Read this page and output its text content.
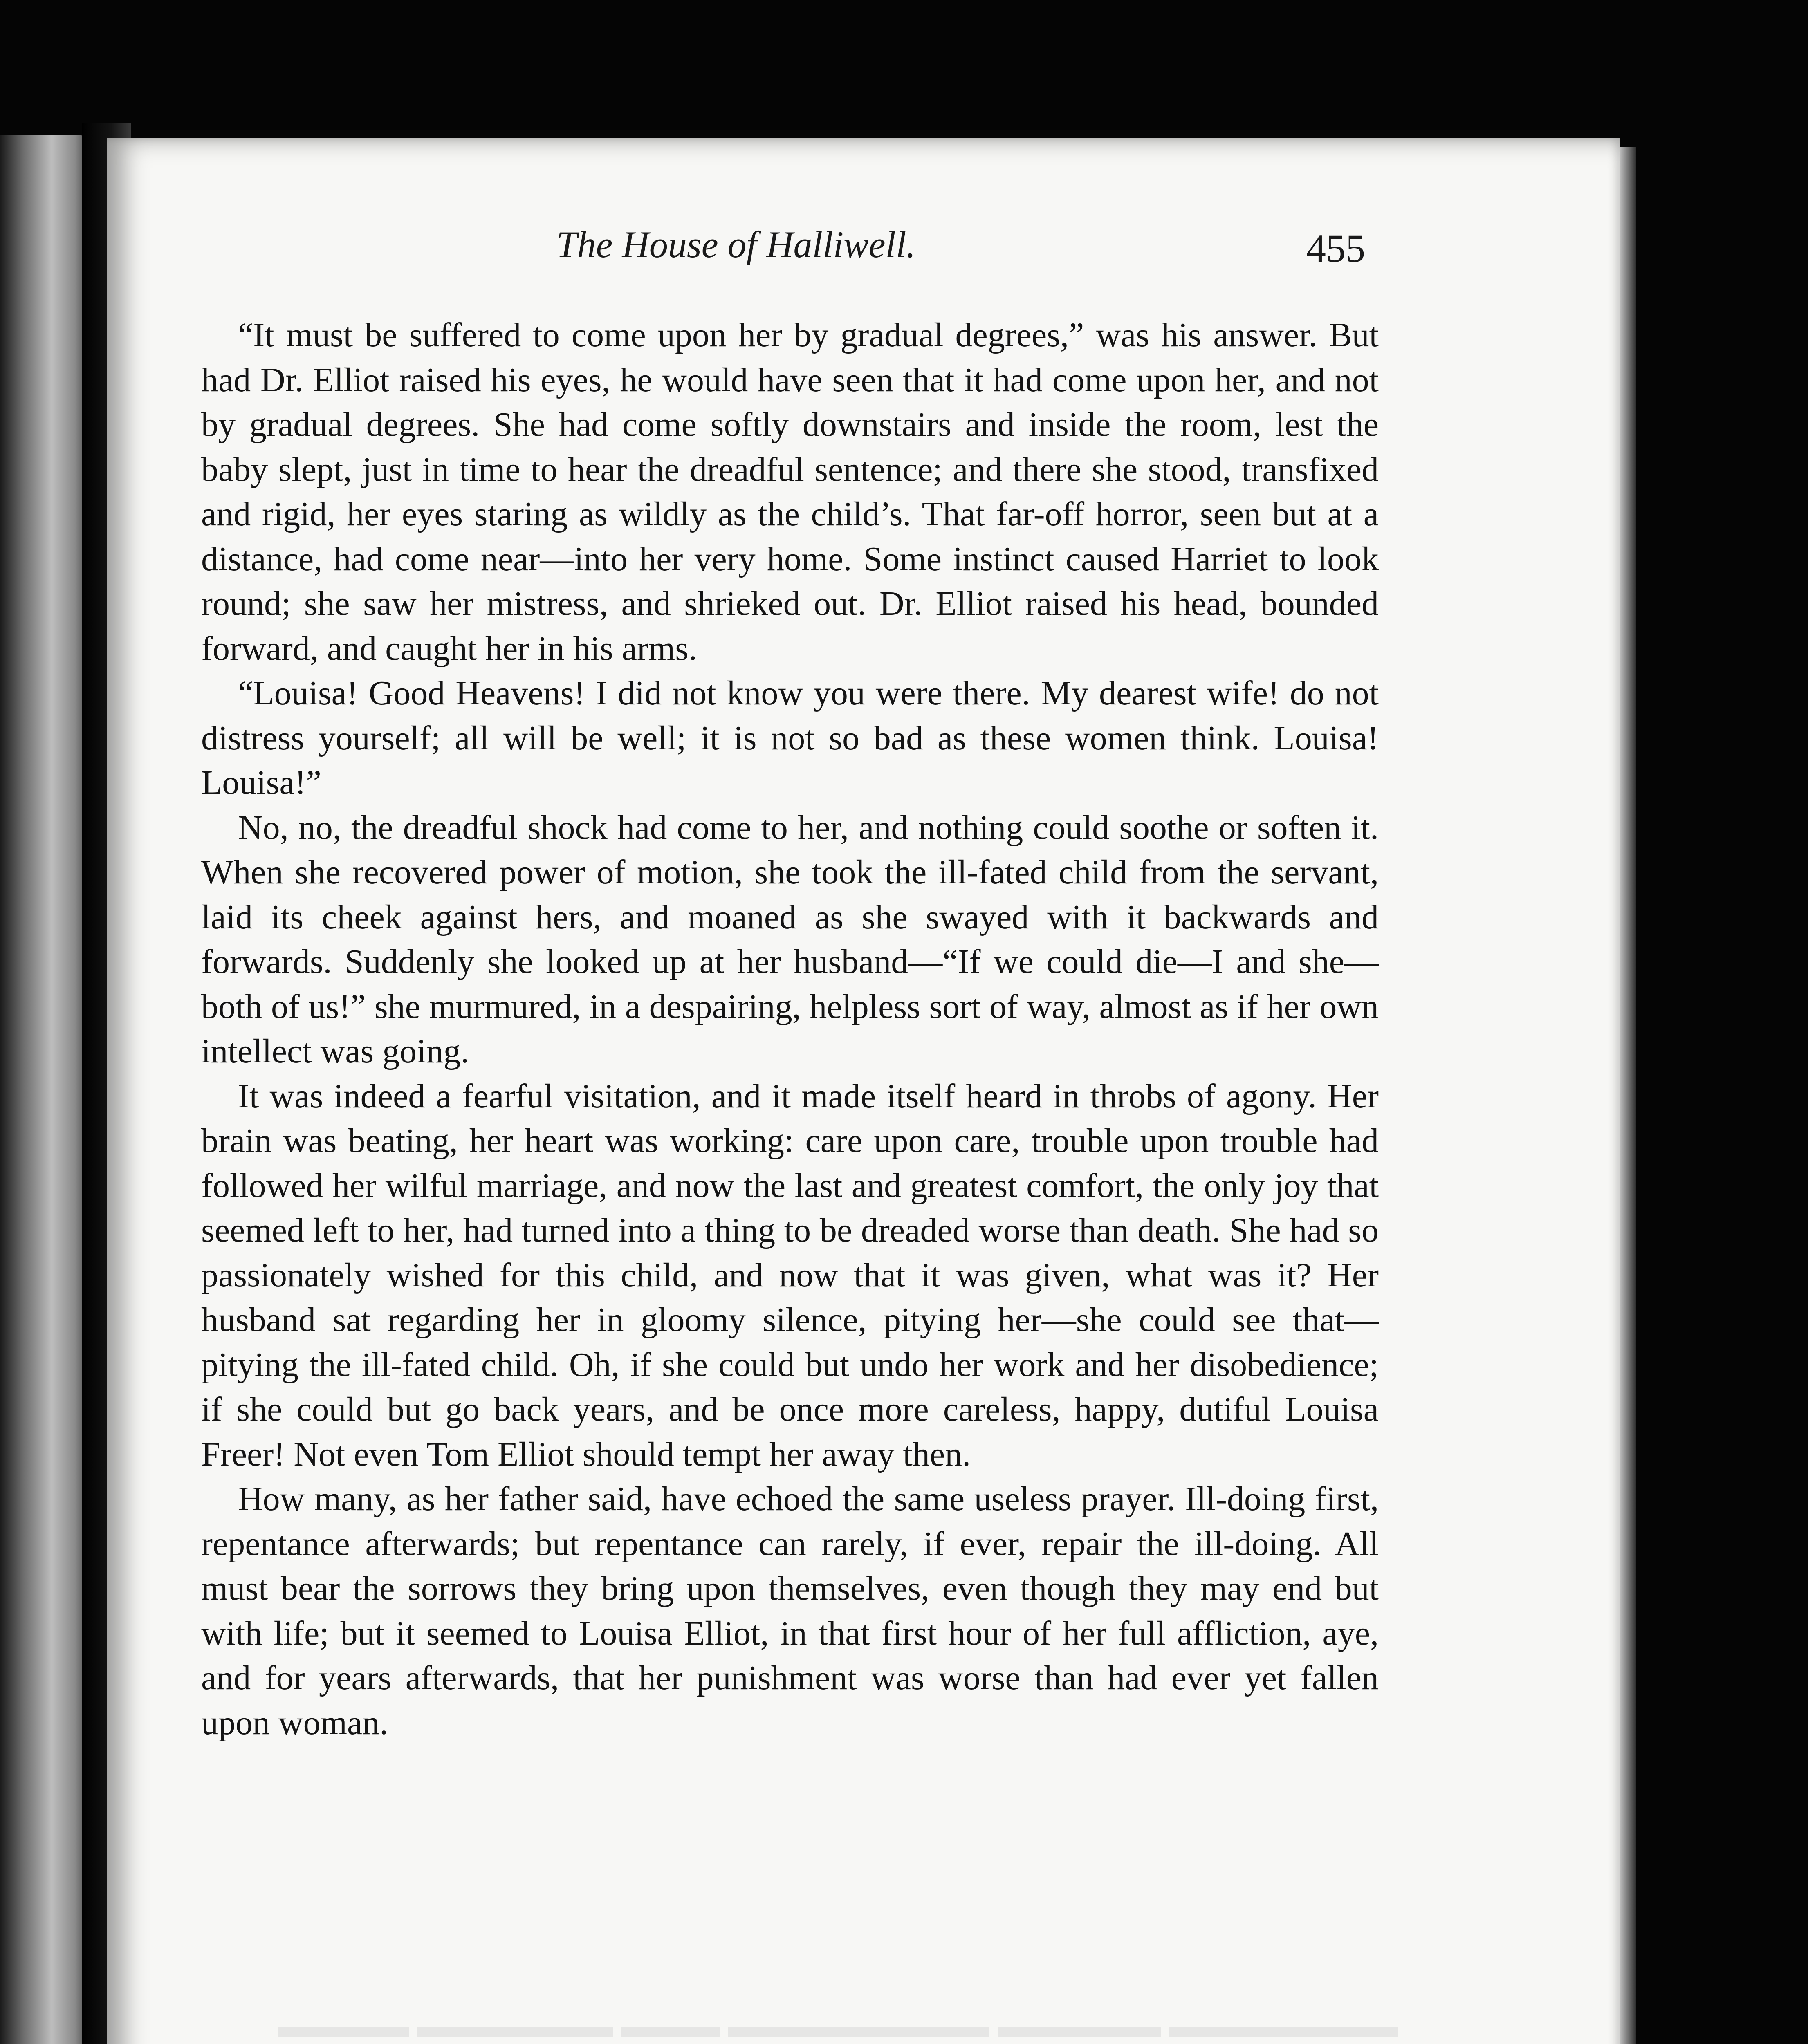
The House of Halliwell.	455

“It must be suffered to come upon her by gradual degrees,” was his answer. But had Dr. Elliot raised his eyes, he would have seen that it had come upon her, and not by gradual degrees. She had come softly downstairs and inside the room, lest the baby slept, just in time to hear the dreadful sentence; and there she stood, transfixed and rigid, her eyes staring as wildly as the child’s. That far-off horror, seen but at a distance, had come near—into her very home. Some instinct caused Harriet to look round; she saw her mistress, and shrieked out. Dr. Elliot raised his head, bounded forward, and caught her in his arms.

“Louisa! Good Heavens! I did not know you were there. My dearest wife! do not distress yourself; all will be well; it is not so bad as these women think. Louisa! Louisa!”

No, no, the dreadful shock had come to her, and nothing could soothe or soften it. When she recovered power of motion, she took the ill-fated child from the servant, laid its cheek against hers, and moaned as she swayed with it backwards and forwards. Suddenly she looked up at her husband—“If we could die—I and she—both of us!” she murmured, in a despairing, helpless sort of way, almost as if her own intellect was going.

It was indeed a fearful visitation, and it made itself heard in throbs of agony. Her brain was beating, her heart was working: care upon care, trouble upon trouble had followed her wilful marriage, and now the last and greatest comfort, the only joy that seemed left to her, had turned into a thing to be dreaded worse than death. She had so passionately wished for this child, and now that it was given, what was it? Her husband sat regarding her in gloomy silence, pitying her—she could see that—pitying the ill-fated child. Oh, if she could but undo her work and her disobedience; if she could but go back years, and be once more careless, happy, dutiful Louisa Freer! Not even Tom Elliot should tempt her away then.

How many, as her father said, have echoed the same useless prayer. Ill-doing first, repentance afterwards; but repentance can rarely, if ever, repair the ill-doing. All must bear the sorrows they bring upon themselves, even though they may end but with life; but it seemed to Louisa Elliot, in that first hour of her full affliction, aye, and for years afterwards, that her punishment was worse than had ever yet fallen upon woman.
